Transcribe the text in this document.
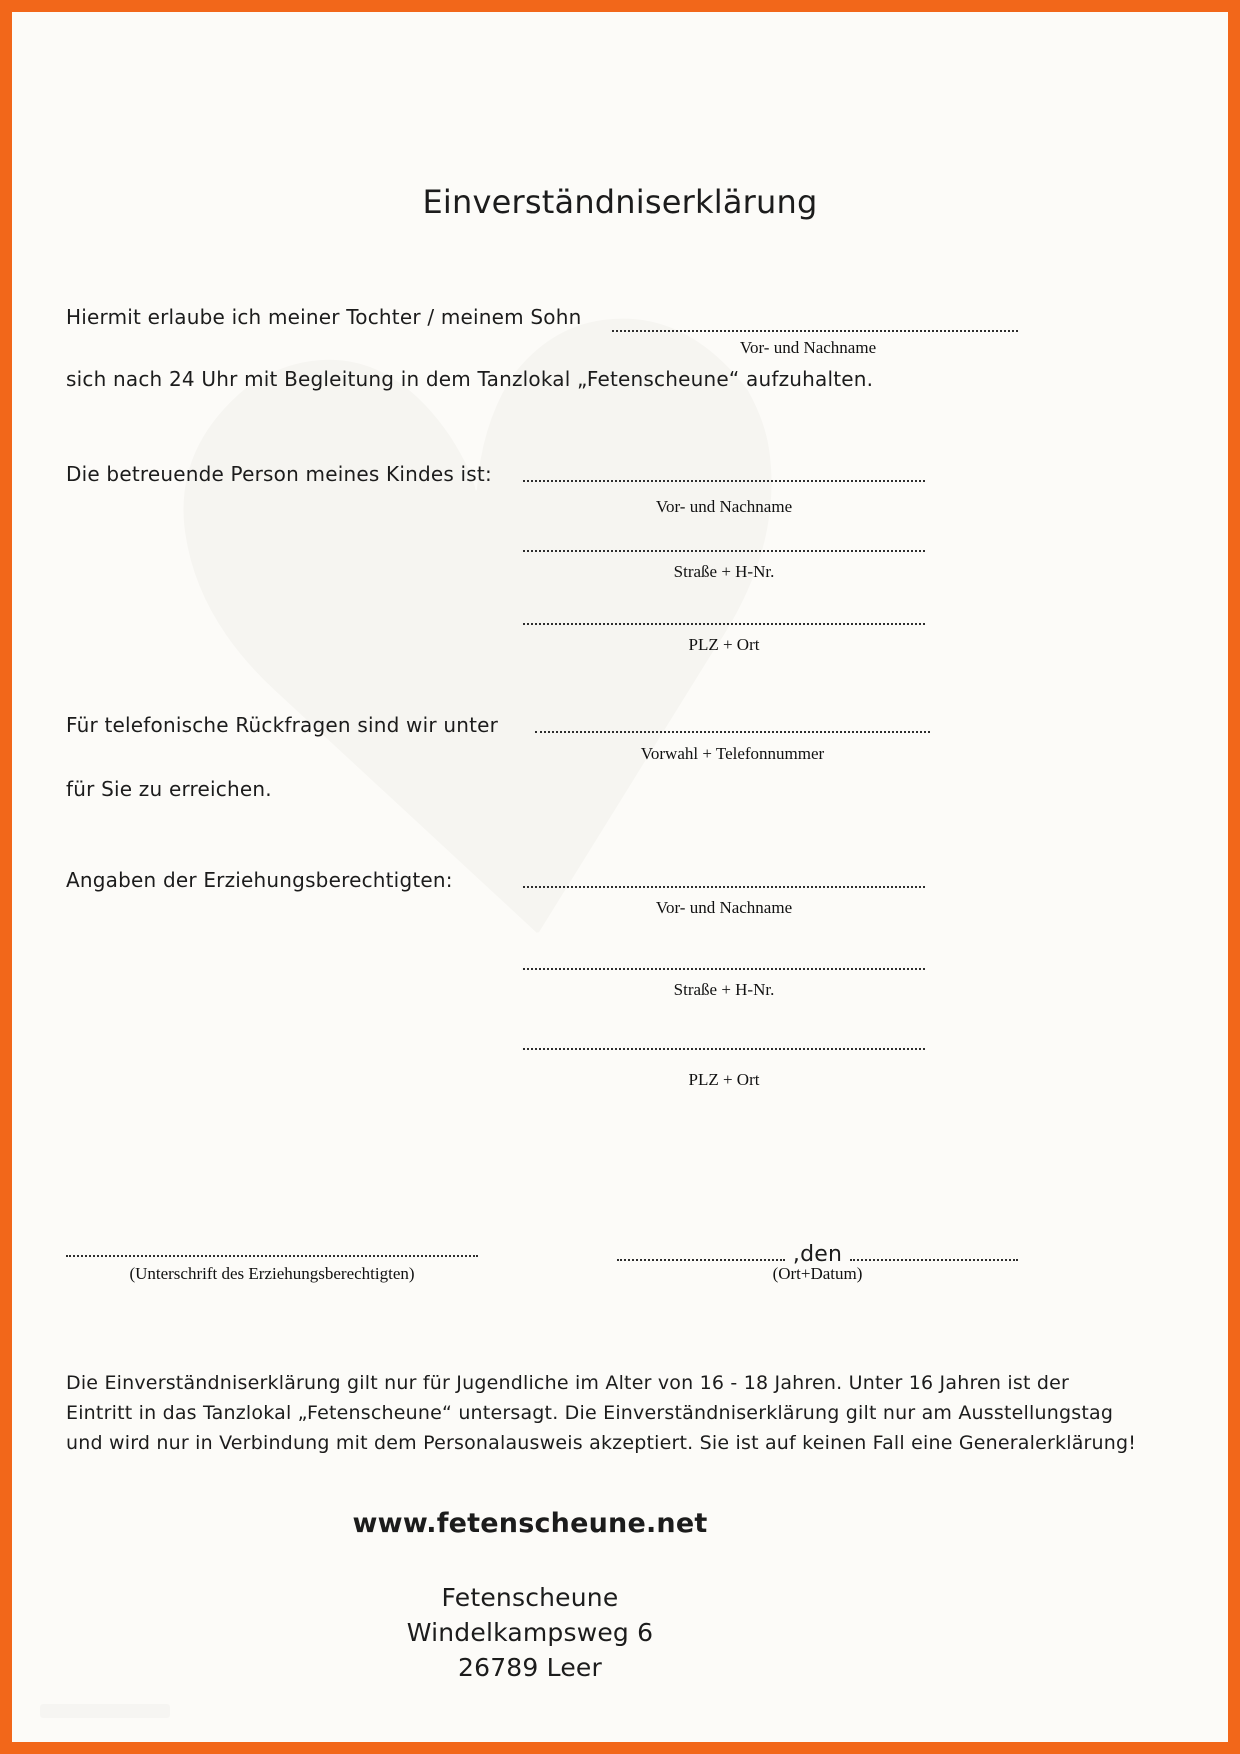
Einverständniserklärung
Hiermit erlaube ich meiner Tochter / meinem Sohn
Vor- und Nachname
sich nach 24 Uhr mit Begleitung in dem Tanzlokal „Fetenscheune“ aufzuhalten.
Die betreuende Person meines Kindes ist:
Vor- und Nachname
Straße + H-Nr.
PLZ + Ort
Für telefonische Rückfragen sind wir unter
Vorwahl + Telefonnummer
für Sie zu erreichen.
Angaben der Erziehungsberechtigten:
Vor- und Nachname
Straße + H-Nr.
PLZ + Ort
(Unterschrift des Erziehungsberechtigten)
,den
(Ort+Datum)
Die Einverständniserklärung gilt nur für Jugendliche im Alter von 16 - 18 Jahren. Unter 16 Jahren ist der
Eintritt in das Tanzlokal „Fetenscheune“ untersagt. Die Einverständniserklärung gilt nur am Ausstellungstag
und wird nur in Verbindung mit dem Personalausweis akzeptiert. Sie ist auf keinen Fall eine Generalerklärung!
www.fetenscheune.net
Fetenscheune
Windelkampsweg 6
26789 Leer
